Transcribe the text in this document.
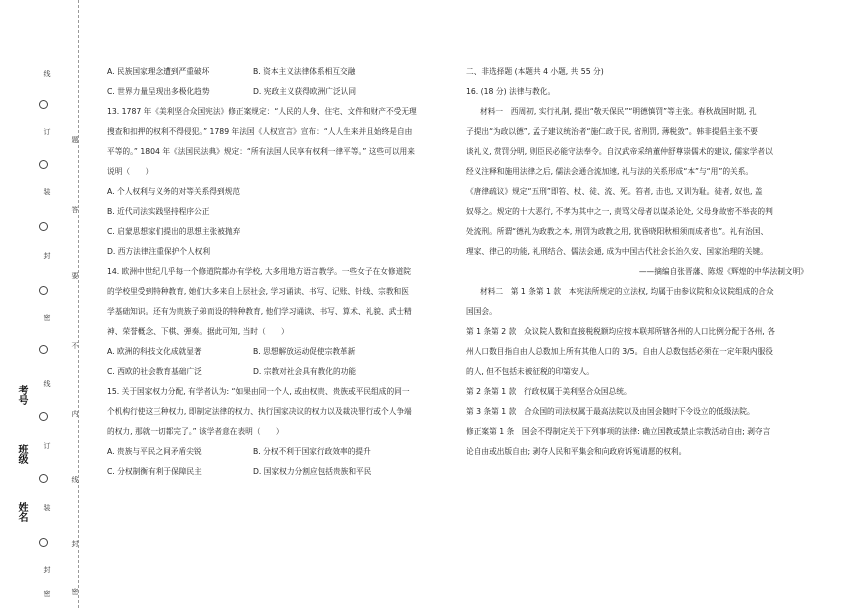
线
订
装
封
密
线
订
装
封
密
题
答
要
不
内
线
封
密
考号
班级
姓名
A. 民族国家理念遭到严重破坏	B. 资本主义法律体系相互交融
C. 世界力量呈现出多极化趋势	D. 宪政主义获得欧洲广泛认同
13. 1787 年《美利坚合众国宪法》修正案规定：“人民的人身、住宅、文件和财产不受无理
搜查和扣押的权利不得侵犯。” 1789 年法国《人权宣言》宣布：“人人生来并且始终是自由
平等的。” 1804 年《法国民法典》规定：“所有法国人民享有权利一律平等。” 这些可以用来
说明（　　）
A. 个人权利与义务的对等关系得到规范
B. 近代司法实践坚持程序公正
C. 启蒙思想家们提出的思想主张被抛弃
D. 西方法律注重保护个人权利
14. 欧洲中世纪几乎每一个修道院都办有学校, 大多用地方语言教学。一些女子在女修道院
的学校里受到特种教育, 她们大多来自上层社会, 学习诵读、书写、记账、针线、宗教和医
学基础知识。还有为贵族子弟而设的特种教育, 他们学习诵读、书写、算术、礼貌、武士精
神、荣誉概念、下棋、弹奏。据此可知, 当时（　　）
A. 欧洲的科技文化成就显著	B. 思想解放运动促使宗教革新
C. 西欧的社会教育基础广泛	D. 宗教对社会具有教化的功能
15. 关于国家权力分配, 有学者认为: “如果由同一个人, 或由权贵、贵族或平民组成的同一
个机构行使这三种权力, 即制定法律的权力、执行国家决议的权力以及裁决罪行或个人争端
的权力, 那就一切都完了。” 该学者意在表明（　　）
A. 贵族与平民之间矛盾尖锐	B. 分权不利于国家行政效率的提升
C. 分权制衡有利于保障民主	D. 国家权力分割应包括贵族和平民
二、非选择题 (本题共 4 小题, 共 55 分)
16. (18 分) 法律与教化。
材料一　西周初, 实行礼制, 提出“敬天保民”“明德慎罚”等主张。春秋战国时期, 孔
子提出“为政以德”, 孟子建议统治者“施仁政于民, 省刑罚, 薄税敛”。韩非提倡主张不要
谈礼义, 赏罚分明, 则臣民必能守法奉令。自汉武帝采纳董仲舒尊崇儒术的建议, 儒家学者以
经义注释和施用法律之后, 儒法会通合流加速, 礼与法的关系形成“本”与“用”的关系。
《唐律疏议》规定“五刑”即笞、杖、徒、流、死。笞者, 击也, 又训为耻。徒者, 奴也, 盖
奴辱之。规定的十大恶行, 不孝为其中之一, 责骂父母者以谋杀论处, 父母身故密不举丧的判
处流刑。所谓“德礼为政教之本, 刑罚为政教之用, 犹昏晓阳秋相须而成者也”。礼有治国、
理家、律己的功能, 礼刑结合、儒法会通, 成为中国古代社会长治久安、国家治理的关键。
——摘编自张晋藩、陈煜《辉煌的中华法制文明》
材料二　第 1 条第 1 款　本宪法所规定的立法权, 均属于由参议院和众议院组成的合众
国国会。
第 1 条第 2 款　众议院人数和直接税税额均应按本联邦所辖各州的人口比例分配于各州, 各
州人口数目指自由人总数加上所有其他人口的 3/5。自由人总数包括必须在一定年限内服役
的人, 但不包括未被征税的印第安人。
第 2 条第 1 款　行政权属于美利坚合众国总统。
第 3 条第 1 款　合众国的司法权属于最高法院以及由国会随时下令设立的低级法院。
修正案第 1 条　国会不得制定关于下列事项的法律: 确立国教或禁止宗教活动自由; 剥夺言
论自由或出版自由; 剥夺人民和平集会和向政府诉冤请愿的权利。
